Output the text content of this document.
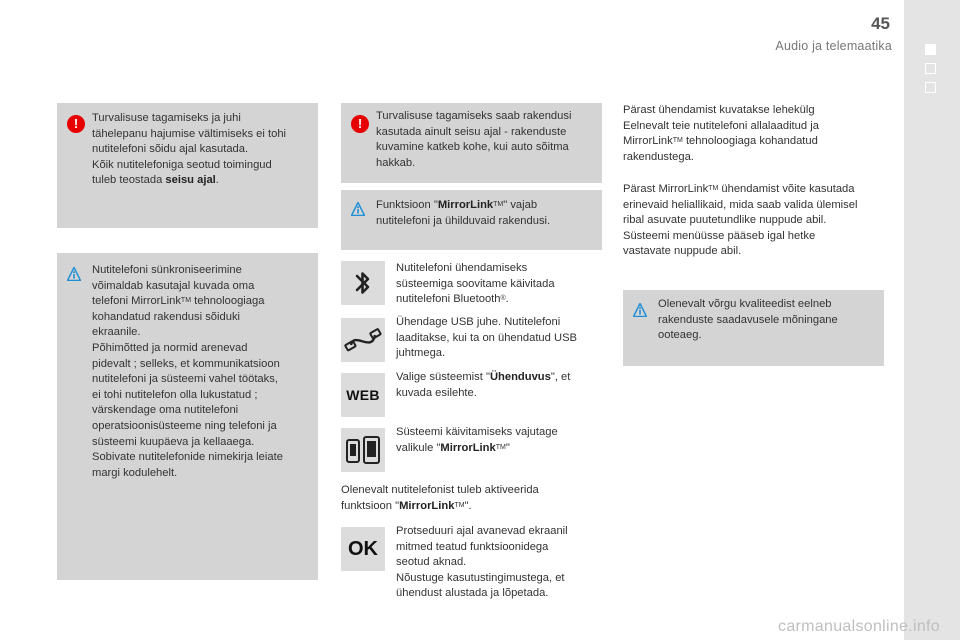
45
Audio ja telemaatika
!	Turvalisuse tagamiseks ja juhi

tähelepanu hajumise vältimiseks ei tohi

nutitelefoni sõidu ajal kasutada.

Kõik nutitelefoniga seotud toimingud

tuleb teostada seisu ajal.

Nutitelefoni sünkroniseerimine

võimaldab kasutajal kuvada oma

telefoni MirrorLink™ tehnoloogiaga

kohandatud rakendusi sõiduki

ekraanile.

Põhimõtted ja normid arenevad

pidevalt ; selleks, et kommunikatsioon

nutitelefoni ja süsteemi vahel töötaks,

ei tohi nutitelefon olla lukustatud ;

värskendage oma nutitelefoni

operatsioonisüsteeme ning telefoni ja

süsteemi kuupäeva ja kellaaega.

Sobivate nutitelefonide nimekirja leiate

margi kodulehelt.

!	Turvalisuse tagamiseks saab rakendusi

kasutada ainult seisu ajal - rakenduste

kuvamine katkeb kohe, kui auto sõitma

hakkab.

Funktsioon "MirrorLink™" vajab

nutitelefoni ja ühilduvaid rakendusi.

Nutitelefoni ühendamiseks

süsteemiga soovitame käivitada

nutitelefoni Bluetooth®.

Ühendage USB juhe. Nutitelefoni

laaditakse, kui ta on ühendatud USB

juhtmega.

WEB

Valige süsteemist "Ühenduvus", et

kuvada esilehte.

Süsteemi käivitamiseks vajutage

valikule "MirrorLink™"

Olenevalt nutitelefonist tuleb aktiveerida

funktsioon "MirrorLink™".

OK

Protseduuri ajal avanevad ekraanil

mitmed teatud funktsioonidega

seotud aknad.

Nõustuge kasutustingimustega, et

ühendust alustada ja lõpetada.

Pärast ühendamist kuvatakse lehekülg

Eelnevalt teie nutitelefoni allalaaditud ja

MirrorLink™ tehnoloogiaga kohandatud

rakendustega.

Pärast MirrorLink™ ühendamist võite kasutada

erinevaid heliallikaid, mida saab valida ülemisel

ribal asuvate puutetundlike nuppude abil.

Süsteemi menüüsse pääseb igal hetke

vastavate nuppude abil.

Olenevalt võrgu kvaliteedist eelneb

rakenduste saadavusele mõningane

ooteaeg.

carmanualsonline.info
